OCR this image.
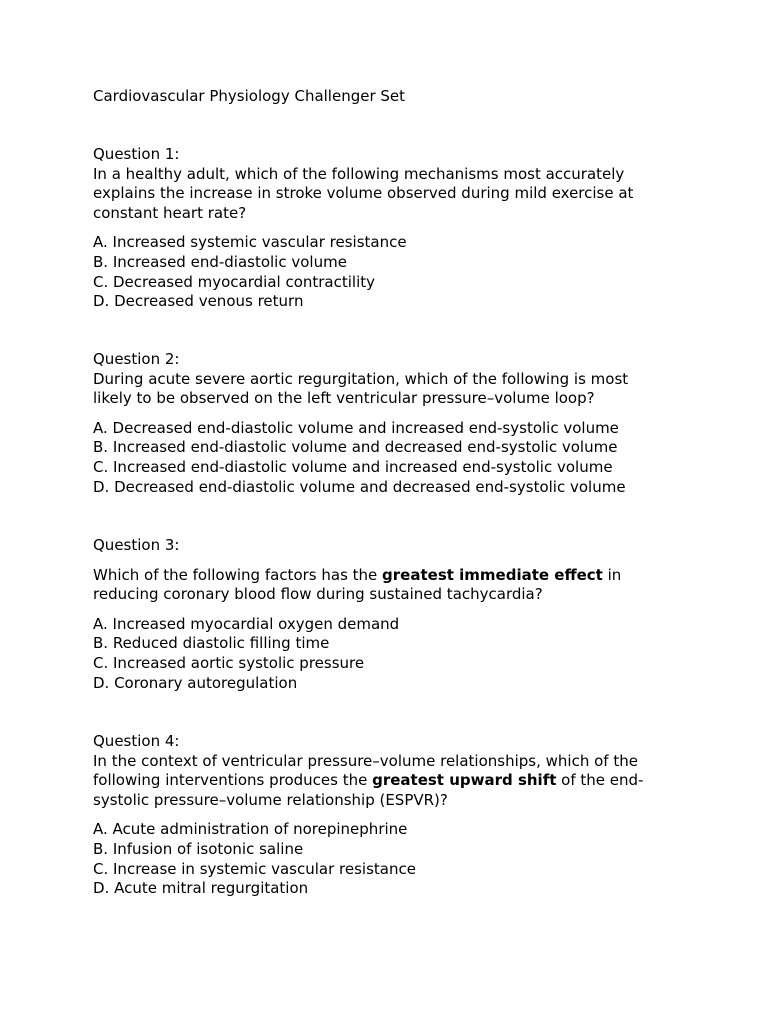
Cardiovascular Physiology Challenger Set

Question 1:

In a healthy adult, which of the following mechanisms most accurately

explains the increase in stroke volume observed during mild exercise at

constant heart rate?

A. Increased systemic vascular resistance
B. Increased end-diastolic volume
C. Decreased myocardial contractility
D. Decreased venous return

Question 2:

During acute severe aortic regurgitation, which of the following is most

likely to be observed on the left ventricular pressure–volume loop?

A. Decreased end-diastolic volume and increased end-systolic volume
B. Increased end-diastolic volume and decreased end-systolic volume
C. Increased end-diastolic volume and increased end-systolic volume
D. Decreased end-diastolic volume and decreased end-systolic volume

Question 3:

Which of the following factors has the greatest immediate effect in

reducing coronary blood flow during sustained tachycardia?

A. Increased myocardial oxygen demand
B. Reduced diastolic filling time
C. Increased aortic systolic pressure
D. Coronary autoregulation

Question 4:

In the context of ventricular pressure–volume relationships, which of the

following interventions produces the greatest upward shift of the end-

systolic pressure–volume relationship (ESPVR)?

A. Acute administration of norepinephrine
B. Infusion of isotonic saline
C. Increase in systemic vascular resistance
D. Acute mitral regurgitation
